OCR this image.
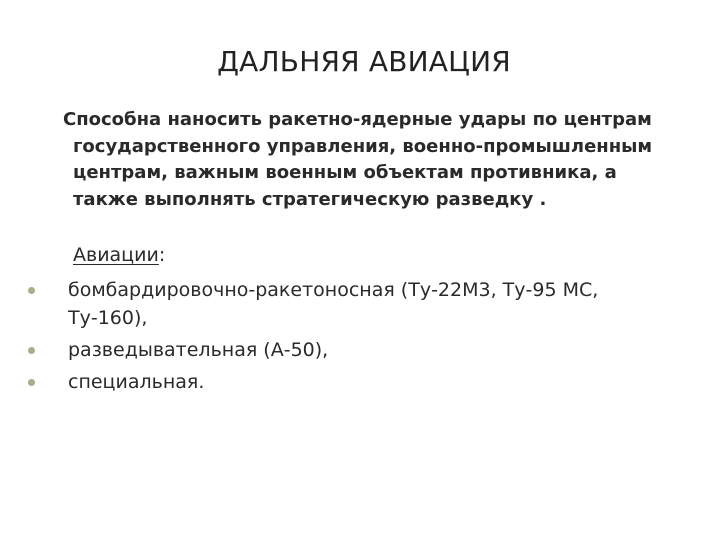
ДАЛЬНЯЯ АВИАЦИЯ
Способна наносить ракетно-ядерные удары по центрам
государственного управления, военно-промышленным центрам, важным военным объектам противника, а также выполнять стратегическую разведку .
Авиации:
бомбардировочно-ракетоносная (Ту-22М3, Ту-95 МС, Ту-160),
разведывательная (А-50),
специальная.
